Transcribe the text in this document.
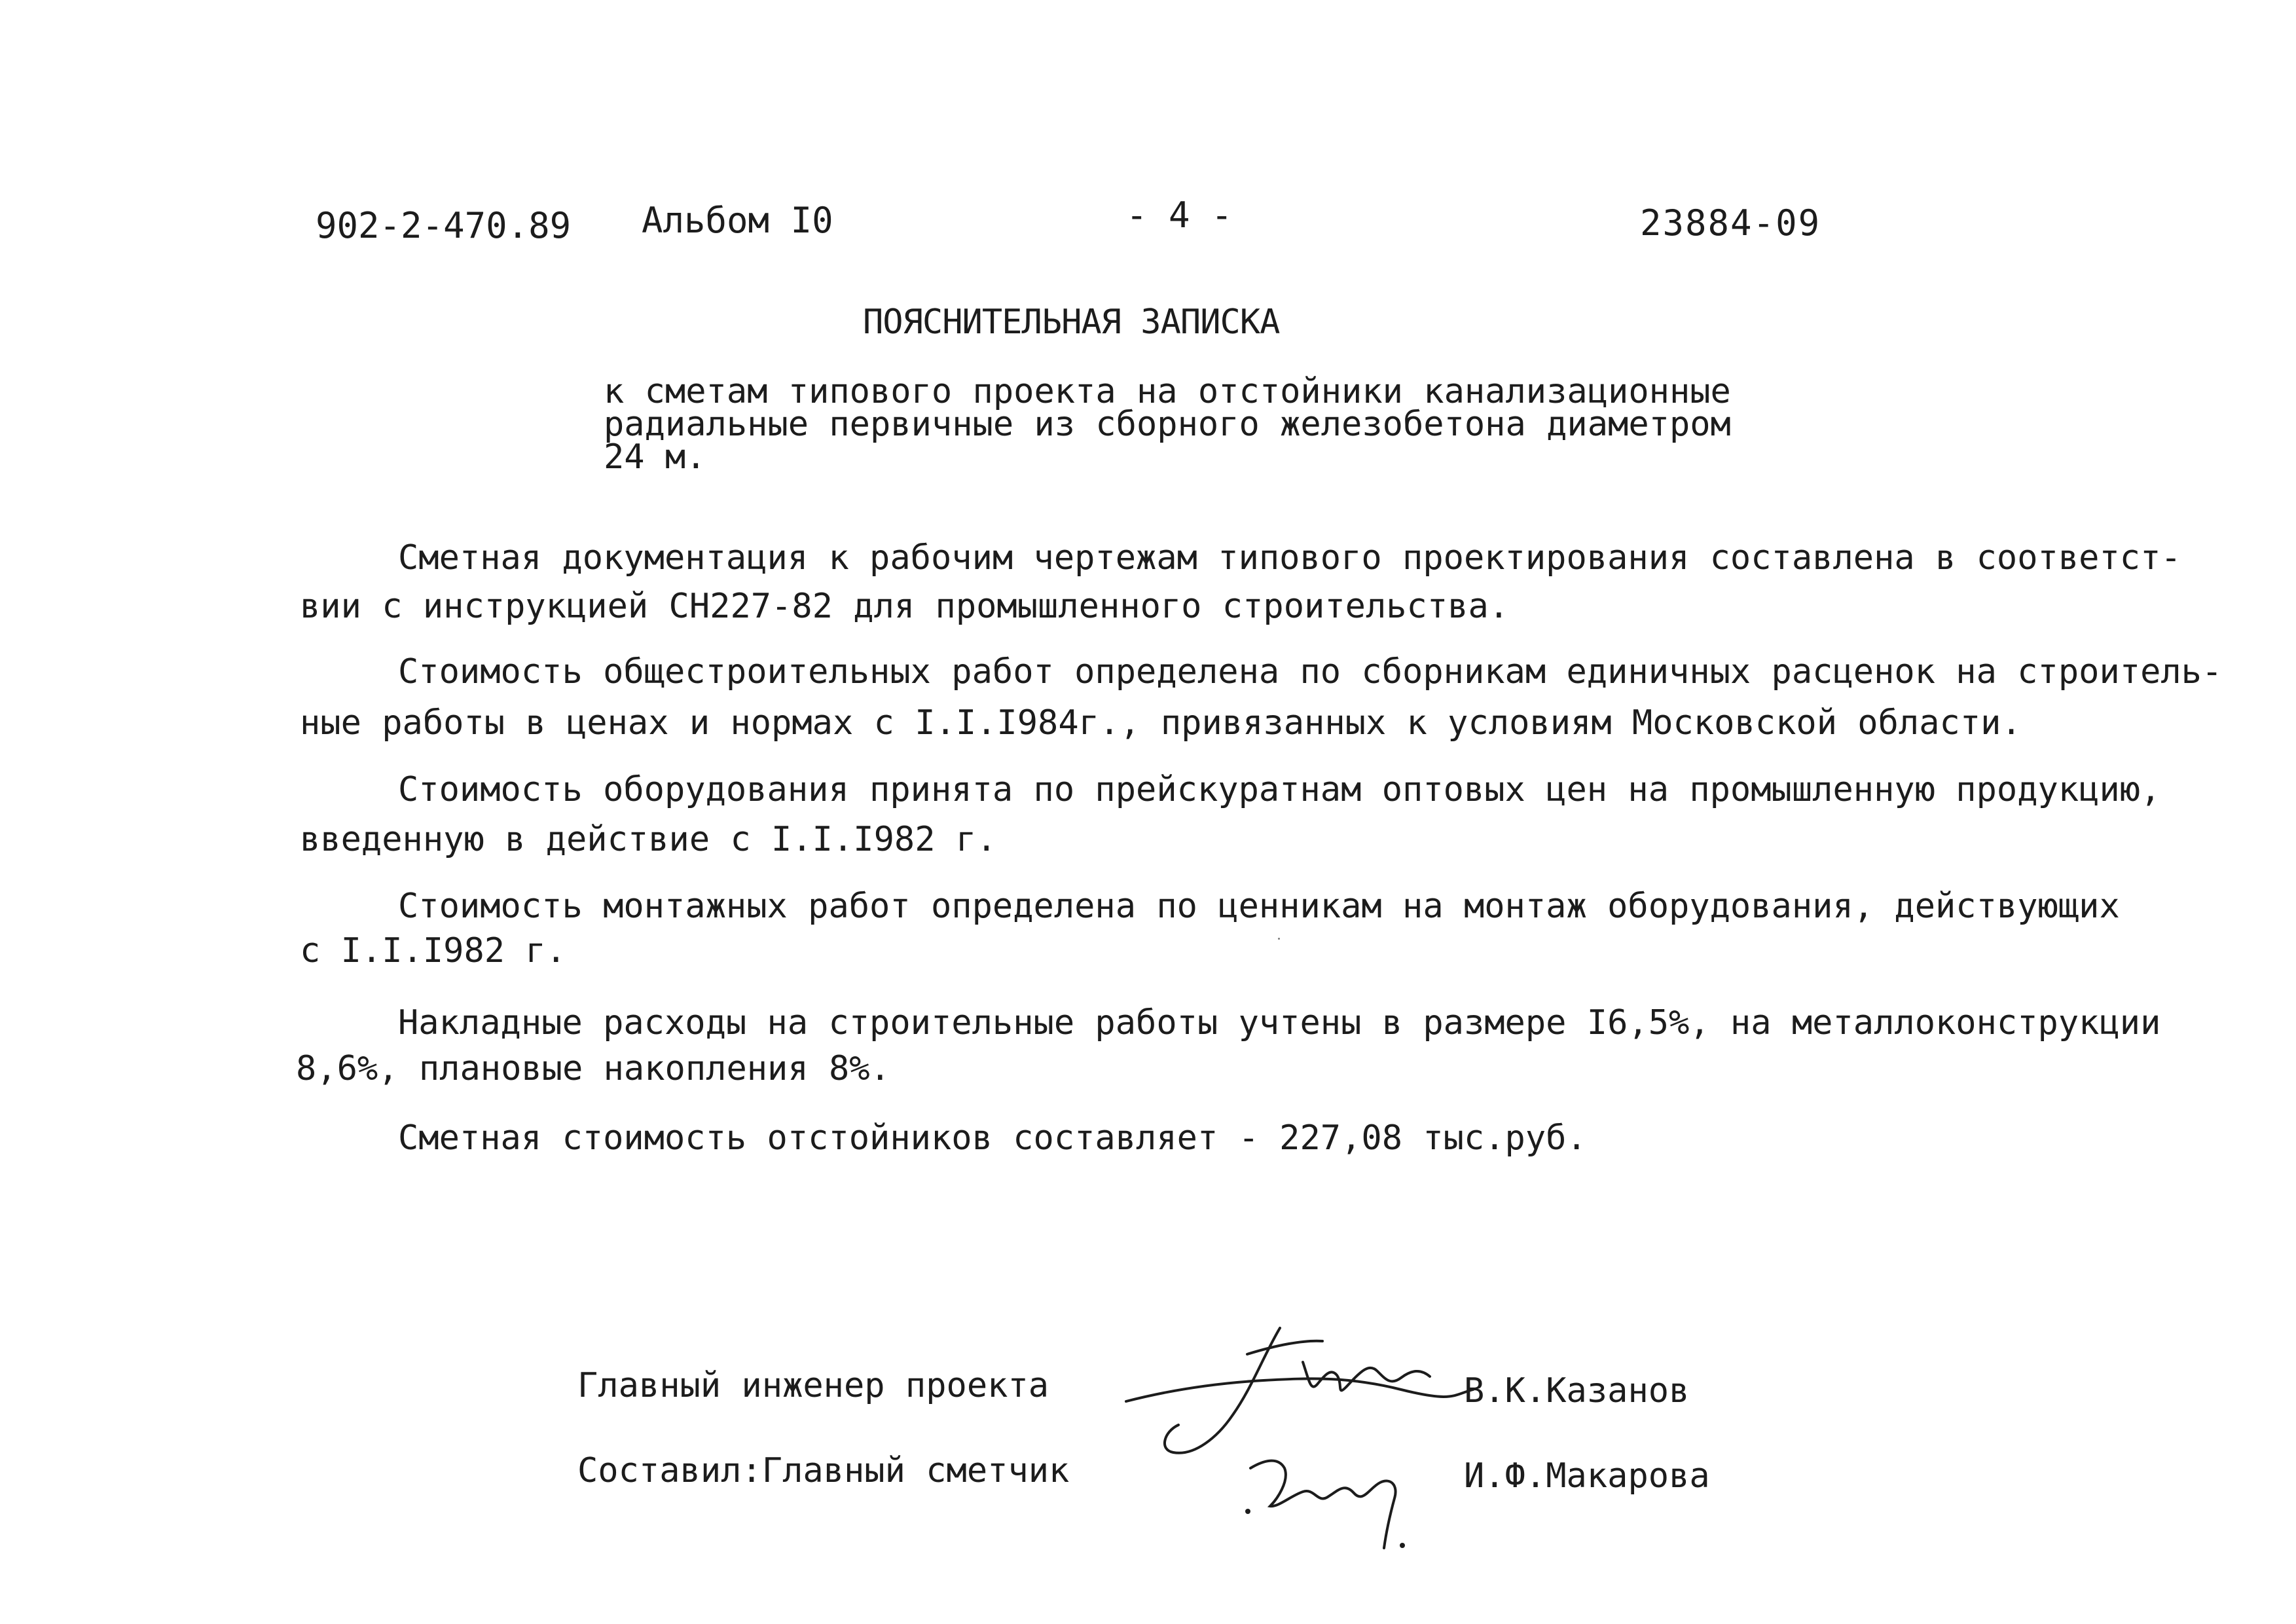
902-2-470.89 Альбом I0	- 4 -	23884-09
ПОЯСНИТЕЛЬНАЯ ЗАПИСКА
к сметам типового проекта на отстойники канализационные
радиальные первичные из сборного железобетона диаметром
24 м.
Сметная документация к рабочим чертежам типового проектирования составлена в соответст-
вии с инструкцией СН227-82 для промышленного строительства.
Стоимость общестроительных работ определена по сборникам единичных расценок на строитель-
ные работы в ценах и нормах с I.I.I984г., привязанных к условиям Московской области.
Стоимость оборудования принята по прейскуратнам оптовых цен на промышленную продукцию,
введенную в действие с I.I.I982 г.
Стоимость монтажных работ определена по ценникам на монтаж оборудования, действующих
с I.I.I982 г.
Накладные расходы на строительные работы учтены в размере I6,5%, на металлоконструкции
8,6%, плановые накопления 8%.
Сметная стоимость отстойников составляет - 227,08 тыс.руб.
Главный инженер проекта	В.К.Казанов
Составил:Главный сметчик	И.Ф.Макарова
